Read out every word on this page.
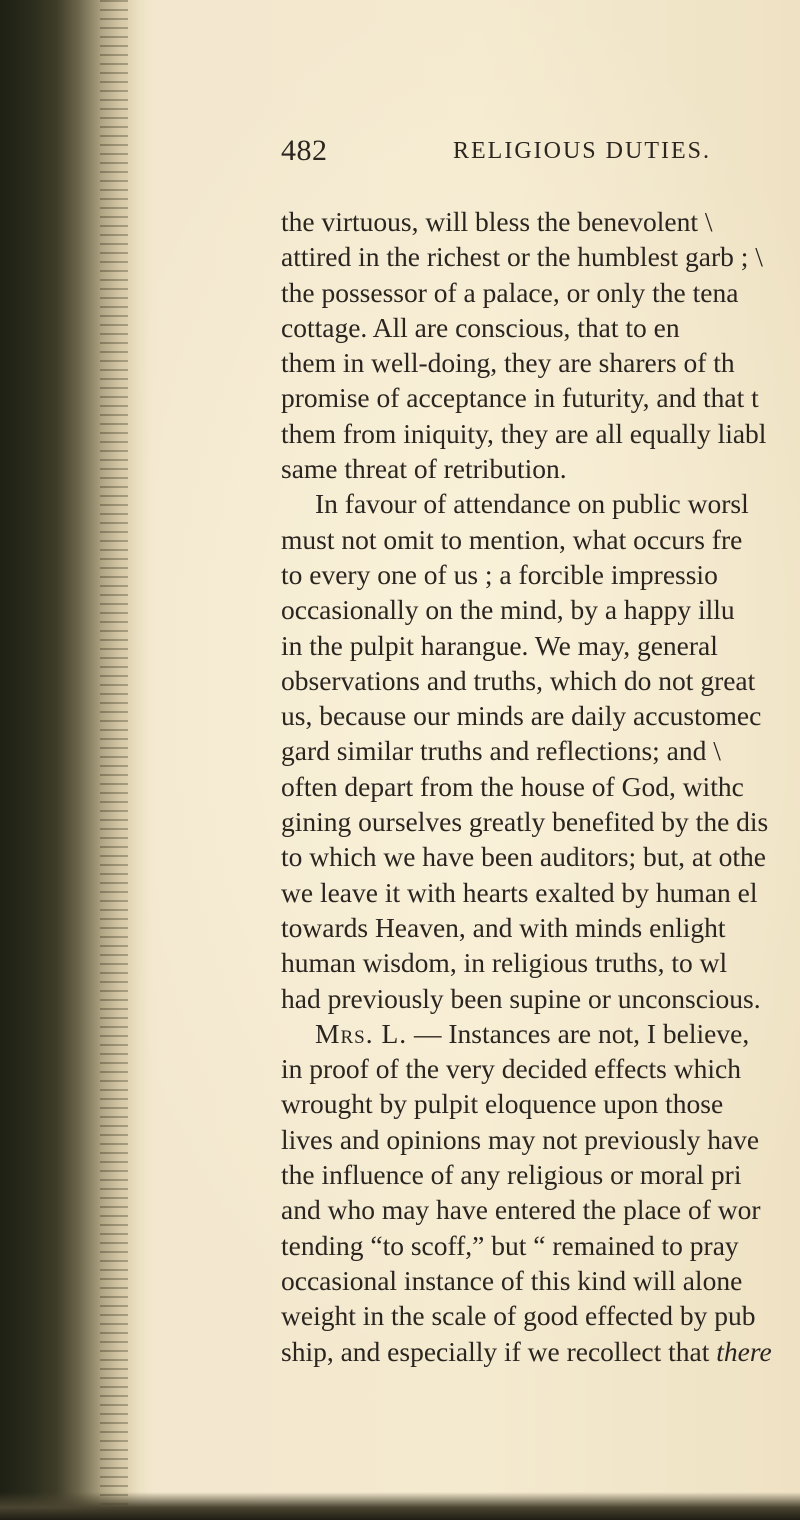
482	RELIGIOUS DUTIES.
the virtuous, will bless the benevolent \
attired in the richest or the humblest garb ; \
the possessor of a palace, or only the tena
cottage. All are conscious, that to en
them in well-doing, they are sharers of th
promise of acceptance in futurity, and that t
them from iniquity, they are all equally liabl
same threat of retribution.
In favour of attendance on public worsl
must not omit to mention, what occurs fre
to every one of us ; a forcible impressio
occasionally on the mind, by a happy illu
in the pulpit harangue. We may, general
observations and truths, which do not great
us, because our minds are daily accustomec
gard similar truths and reflections; and \
often depart from the house of God, withc
gining ourselves greatly benefited by the dis
to which we have been auditors; but, at othe
we leave it with hearts exalted by human el
towards Heaven, and with minds enlight
human wisdom, in religious truths, to wl
had previously been supine or unconscious.
Mrs. L. — Instances are not, I believe,
in proof of the very decided effects which
wrought by pulpit eloquence upon those
lives and opinions may not previously have
the influence of any religious or moral pri
and who may have entered the place of wor
tending “to scoff,” but “ remained to pray
occasional instance of this kind will alone
weight in the scale of good effected by pub
ship, and especially if we recollect that there
